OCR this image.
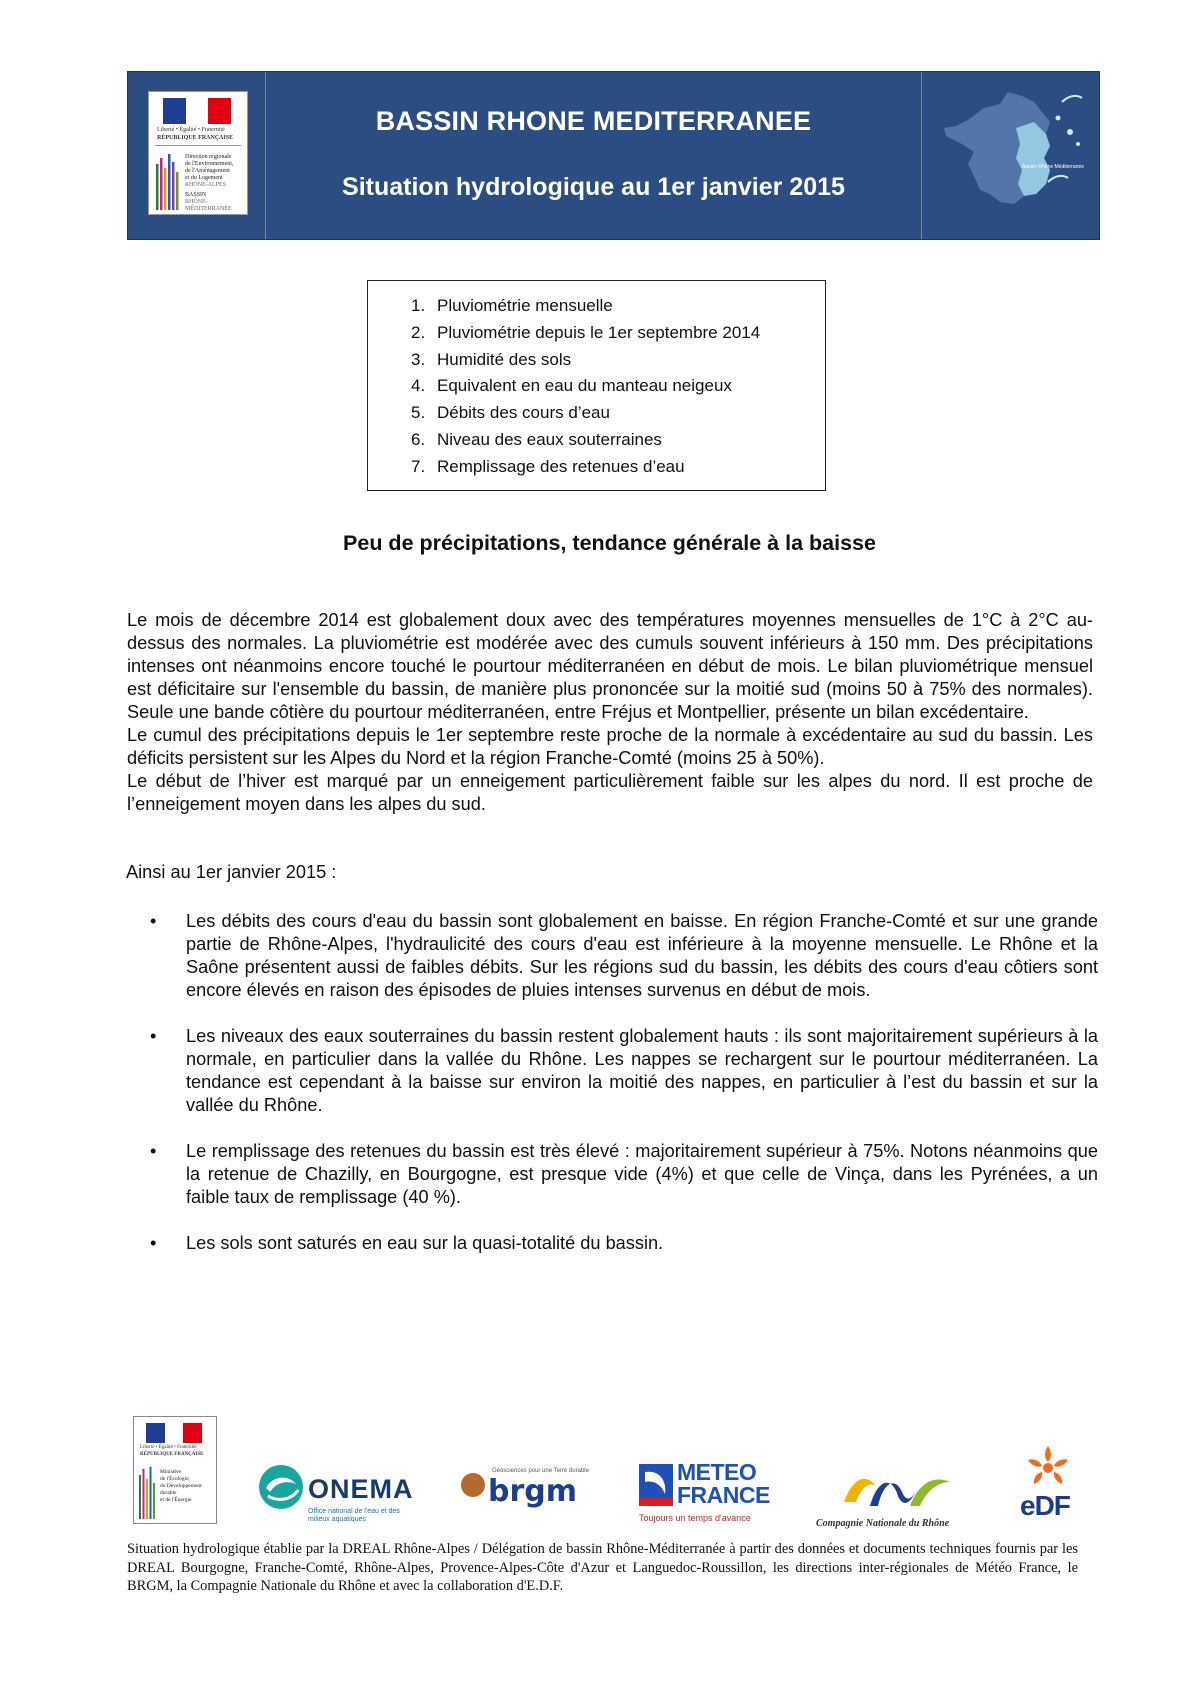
Liberté • Égalité • Fraternité
RÉPUBLIQUE FRANÇAISE
Direction régionale
de l'Environnement,
de l'Aménagement
et du Logement
RHÔNE-ALPES
BASSIN
RHÔNE-MÉDITERRANÉE
BASSIN RHONE MEDITERRANEE
Situation hydrologique au 1er janvier 2015
Bassin Rhône Méditerranée
1. Pluviométrie mensuelle
2. Pluviométrie depuis le 1er septembre 2014
3. Humidité des sols
4. Equivalent en eau du manteau neigeux
5. Débits des cours d’eau
6. Niveau des eaux souterraines
7. Remplissage des retenues d’eau
Peu de précipitations, tendance générale à la baisse
Le mois de décembre 2014 est globalement doux avec des températures moyennes mensuelles de 1°C à 2°C au-dessus des normales. La pluviométrie est modérée avec des cumuls souvent inférieurs à 150 mm. Des précipitations intenses ont néanmoins encore touché le pourtour méditerranéen en début de mois. Le bilan pluviométrique mensuel est déficitaire sur l'ensemble du bassin, de manière plus prononcée sur la moitié sud (moins 50 à 75% des normales). Seule une bande côtière du pourtour méditerranéen, entre Fréjus et Montpellier, présente un bilan excédentaire.
Le cumul des précipitations depuis le 1er septembre reste proche de la normale à excédentaire au sud du bassin. Les déficits persistent sur les Alpes du Nord et la région Franche-Comté (moins 25 à 50%).
Le début de l’hiver est marqué par un enneigement particulièrement faible sur les alpes du nord. Il est proche de l’enneigement moyen dans les alpes du sud.
Ainsi au 1er janvier 2015 :
• Les débits des cours d'eau du bassin sont globalement en baisse. En région Franche-Comté et sur une grande partie de Rhône-Alpes, l'hydraulicité des cours d'eau est inférieure à la moyenne mensuelle. Le Rhône et la Saône présentent aussi de faibles débits. Sur les régions sud du bassin, les débits des cours d'eau côtiers sont encore élevés en raison des épisodes de pluies intenses survenus en début de mois.
• Les niveaux des eaux souterraines du bassin restent globalement hauts : ils sont majoritairement supérieurs à la normale, en particulier dans la vallée du Rhône. Les nappes se rechargent sur le pourtour méditerranéen. La tendance est cependant à la baisse sur environ la moitié des nappes, en particulier à l’est du bassin et sur la vallée du Rhône.
• Le remplissage des retenues du bassin est très élevé : majoritairement supérieur à 75%. Notons néanmoins que la retenue de Chazilly, en Bourgogne, est presque vide (4%) et que celle de Vinça, dans les Pyrénées, a un faible taux de remplissage (40 %).
• Les sols sont saturés en eau sur la quasi-totalité du bassin.
Liberté • Égalité • Fraternité
RÉPUBLIQUE FRANÇAISE
Ministère
de l'Écologie,
du Développement
durable
et de l'Énergie	ONEMA
Office national de l'eau et des milieux aquatiques
Géosciences pour une Terre durable
brgm
METEO
FRANCE
Toujours un temps d'avance	Compagnie Nationale du Rhône
eDF
Situation hydrologique établie par la DREAL Rhône-Alpes / Délégation de bassin Rhône-Méditerranée à partir des données et documents techniques fournis par les DREAL Bourgogne, Franche-Comté, Rhône-Alpes, Provence-Alpes-Côte d'Azur et Languedoc-Roussillon, les directions inter-régionales de Météo France, le BRGM, la Compagnie Nationale du Rhône et avec la collaboration d'E.D.F.
